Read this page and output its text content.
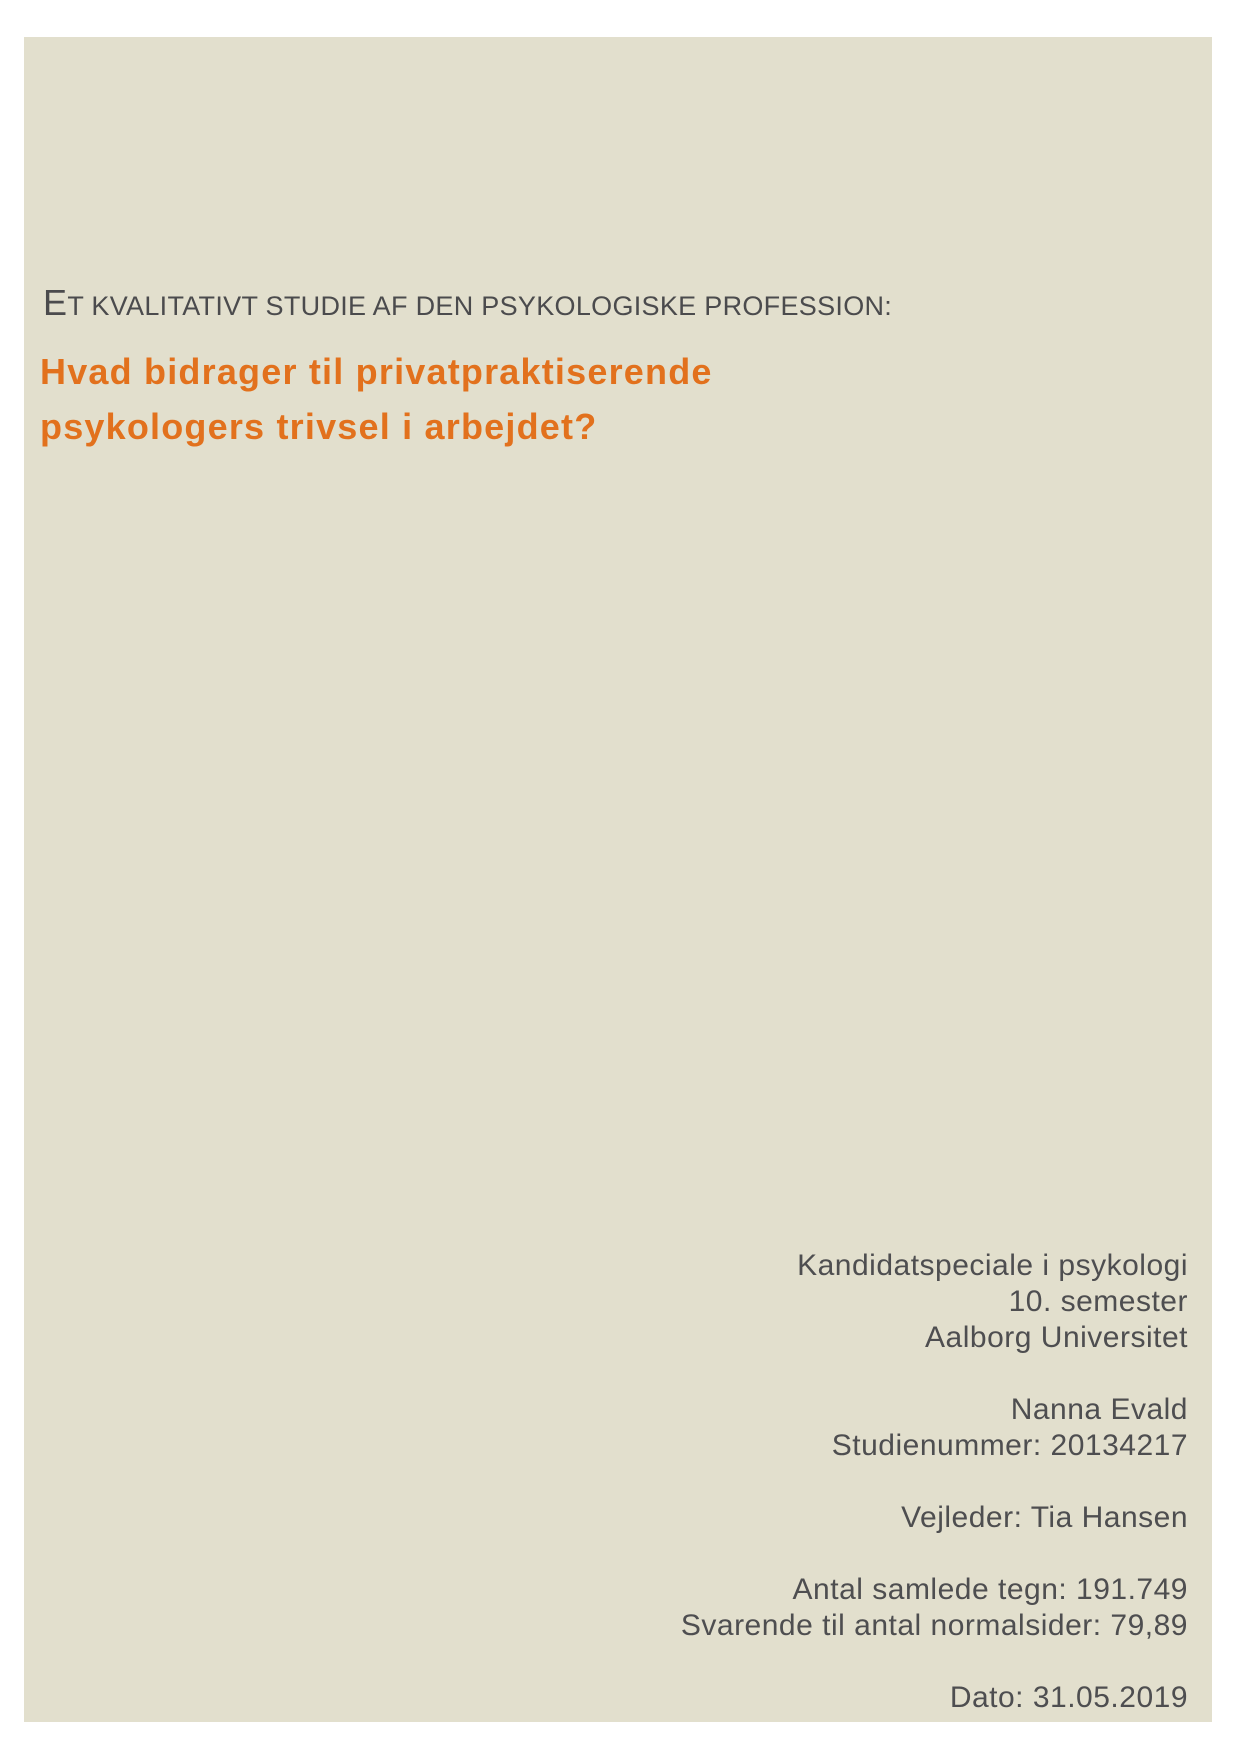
ET KVALITATIVT STUDIE AF DEN PSYKOLOGISKE PROFESSION:
Hvad bidrager til privatpraktiserende
psykologers trivsel i arbejdet?
Kandidatspeciale i psykologi
10. semester
Aalborg Universitet
Nanna Evald
Studienummer: 20134217
Vejleder: Tia Hansen
Antal samlede tegn: 191.749
Svarende til antal normalsider: 79,89
Dato: 31.05.2019
